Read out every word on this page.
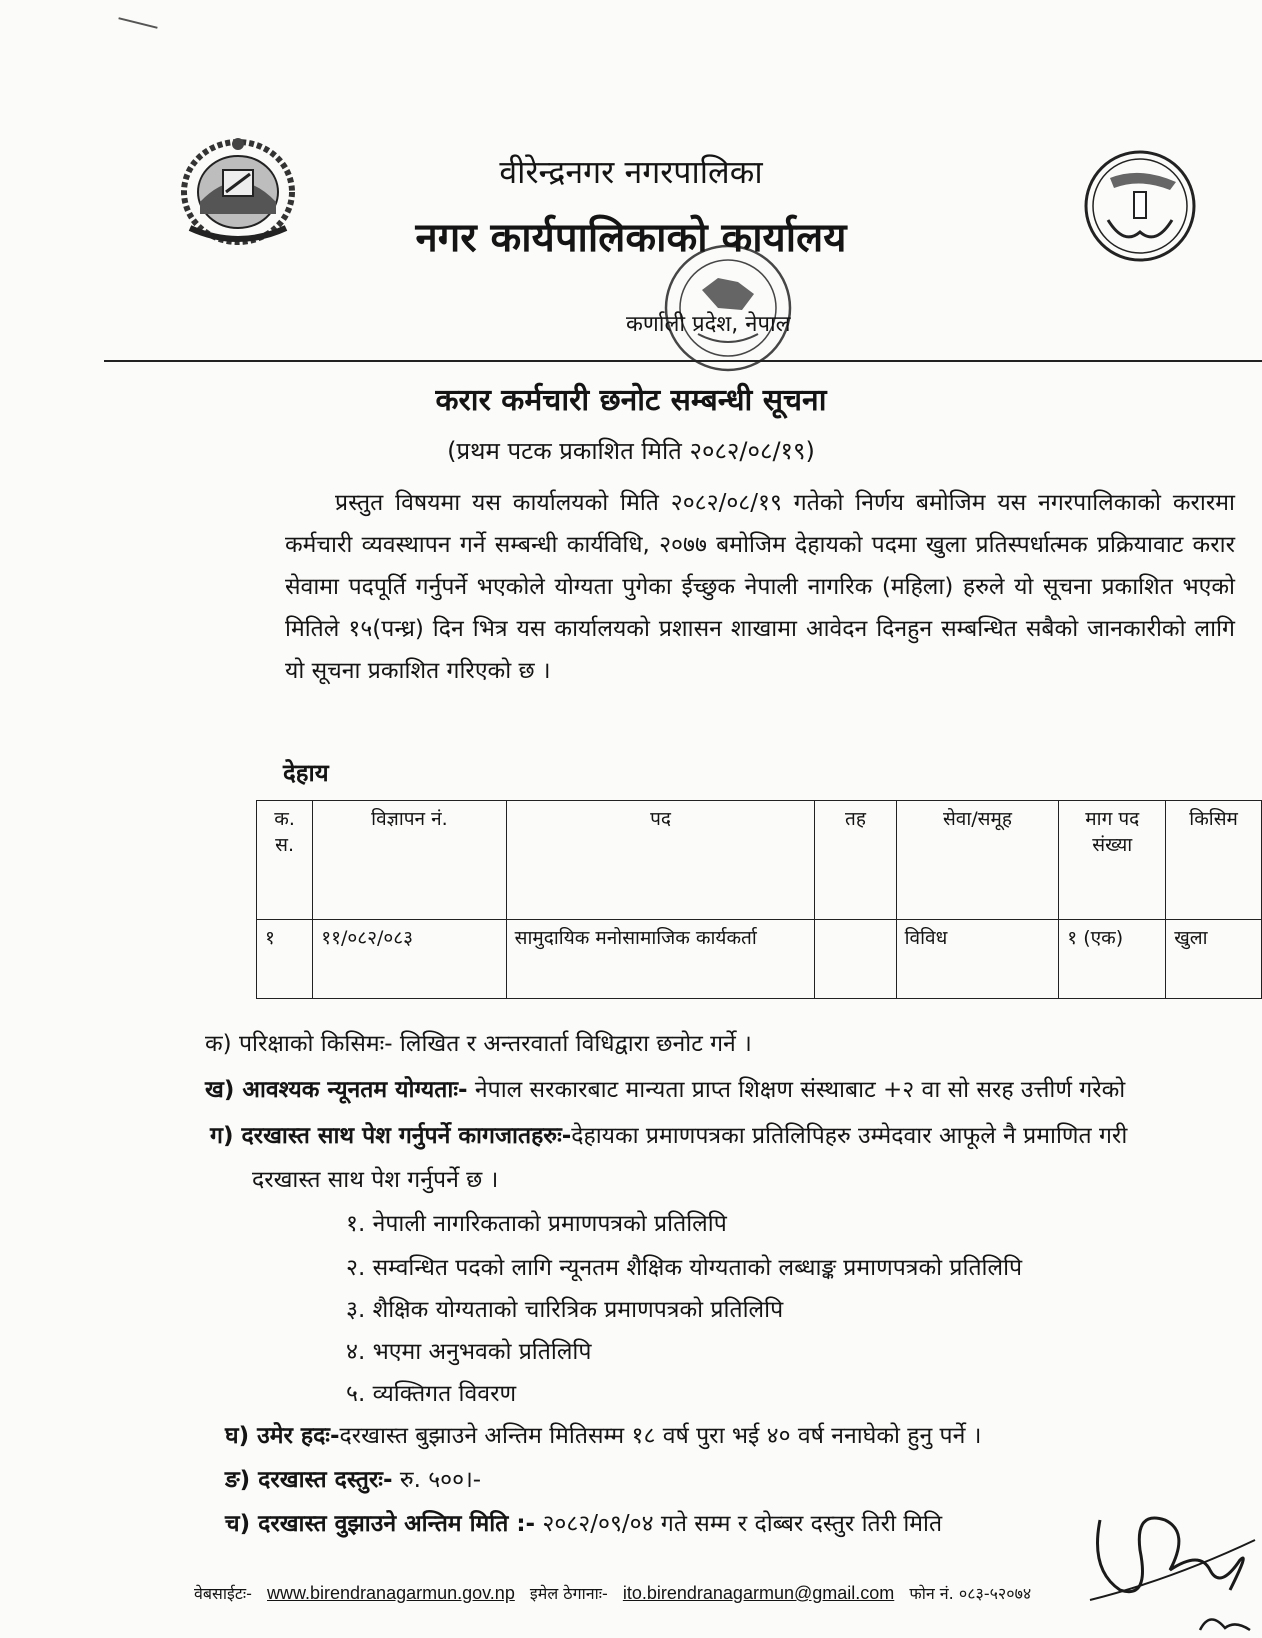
वीरेन्द्रनगर नगरपालिका
नगर कार्यपालिकाको कार्यालय
कर्णाली प्रदेश, नेपाल
करार कर्मचारी छनोट सम्बन्धी सूचना
(प्रथम पटक प्रकाशित मिति २०८२/०८/१९)
प्रस्तुत विषयमा यस कार्यालयको मिति २०८२/०८/१९ गतेको निर्णय बमोजिम यस नगरपालिकाको करारमा कर्मचारी व्यवस्थापन गर्ने सम्बन्धी कार्यविधि, २०७७ बमोजिम देहायको पदमा खुला प्रतिस्पर्धात्मक प्रक्रियावाट करार सेवामा पदपूर्ति गर्नुपर्ने भएकोले योग्यता पुगेका ईच्छुक नेपाली नागरिक (महिला) हरुले यो सूचना प्रकाशित भएको मितिले १५(पन्ध्र) दिन भित्र यस कार्यालयको प्रशासन शाखामा आवेदन दिनहुन सम्बन्धित सबैको जानकारीको लागि यो सूचना प्रकाशित गरिएको छ ।
देहाय
क. स.	विज्ञापन नं.	पद	तह	सेवा/समूह	माग पद संख्या	किसिम
१	११/०८२/०८३	सामुदायिक मनोसामाजिक कार्यकर्ता		विविध	१ (एक)	खुला
क) परिक्षाको किसिमः- लिखित र अन्तरवार्ता विधिद्वारा छनोट गर्ने ।
ख) आवश्यक न्यूनतम योग्यताः- नेपाल सरकारबाट मान्यता प्राप्त शिक्षण संस्थाबाट +२ वा सो सरह उत्तीर्ण गरेको
ग) दरखास्त साथ पेश गर्नुपर्ने कागजातहरुः-देहायका प्रमाणपत्रका प्रतिलिपिहरु उम्मेदवार आफूले नै प्रमाणित गरी
दरखास्त साथ पेश गर्नुपर्ने छ ।
१. नेपाली नागरिकताको प्रमाणपत्रको प्रतिलिपि
२. सम्वन्धित पदको लागि न्यूनतम शैक्षिक योग्यताको लब्धाङ्क प्रमाणपत्रको प्रतिलिपि
३. शैक्षिक योग्यताको चारित्रिक प्रमाणपत्रको प्रतिलिपि
४. भएमा अनुभवको प्रतिलिपि
५. व्यक्तिगत विवरण
घ) उमेर हदः-दरखास्त बुझाउने अन्तिम मितिसम्म १८ वर्ष पुरा भई ४० वर्ष ननाघेको हुनु पर्ने ।
ङ) दरखास्त दस्तुरः- रु. ५००।-
च) दरखास्त वुझाउने अन्तिम मिति :- २०८२/०९/०४ गते सम्म र दोब्बर दस्तुर तिरी मिति
वेबसाईटः- www.birendranagarmun.gov.np इमेल ठेगानाः- ito.birendranagarmun@gmail.com फोन नं. ०८३-५२०७४
